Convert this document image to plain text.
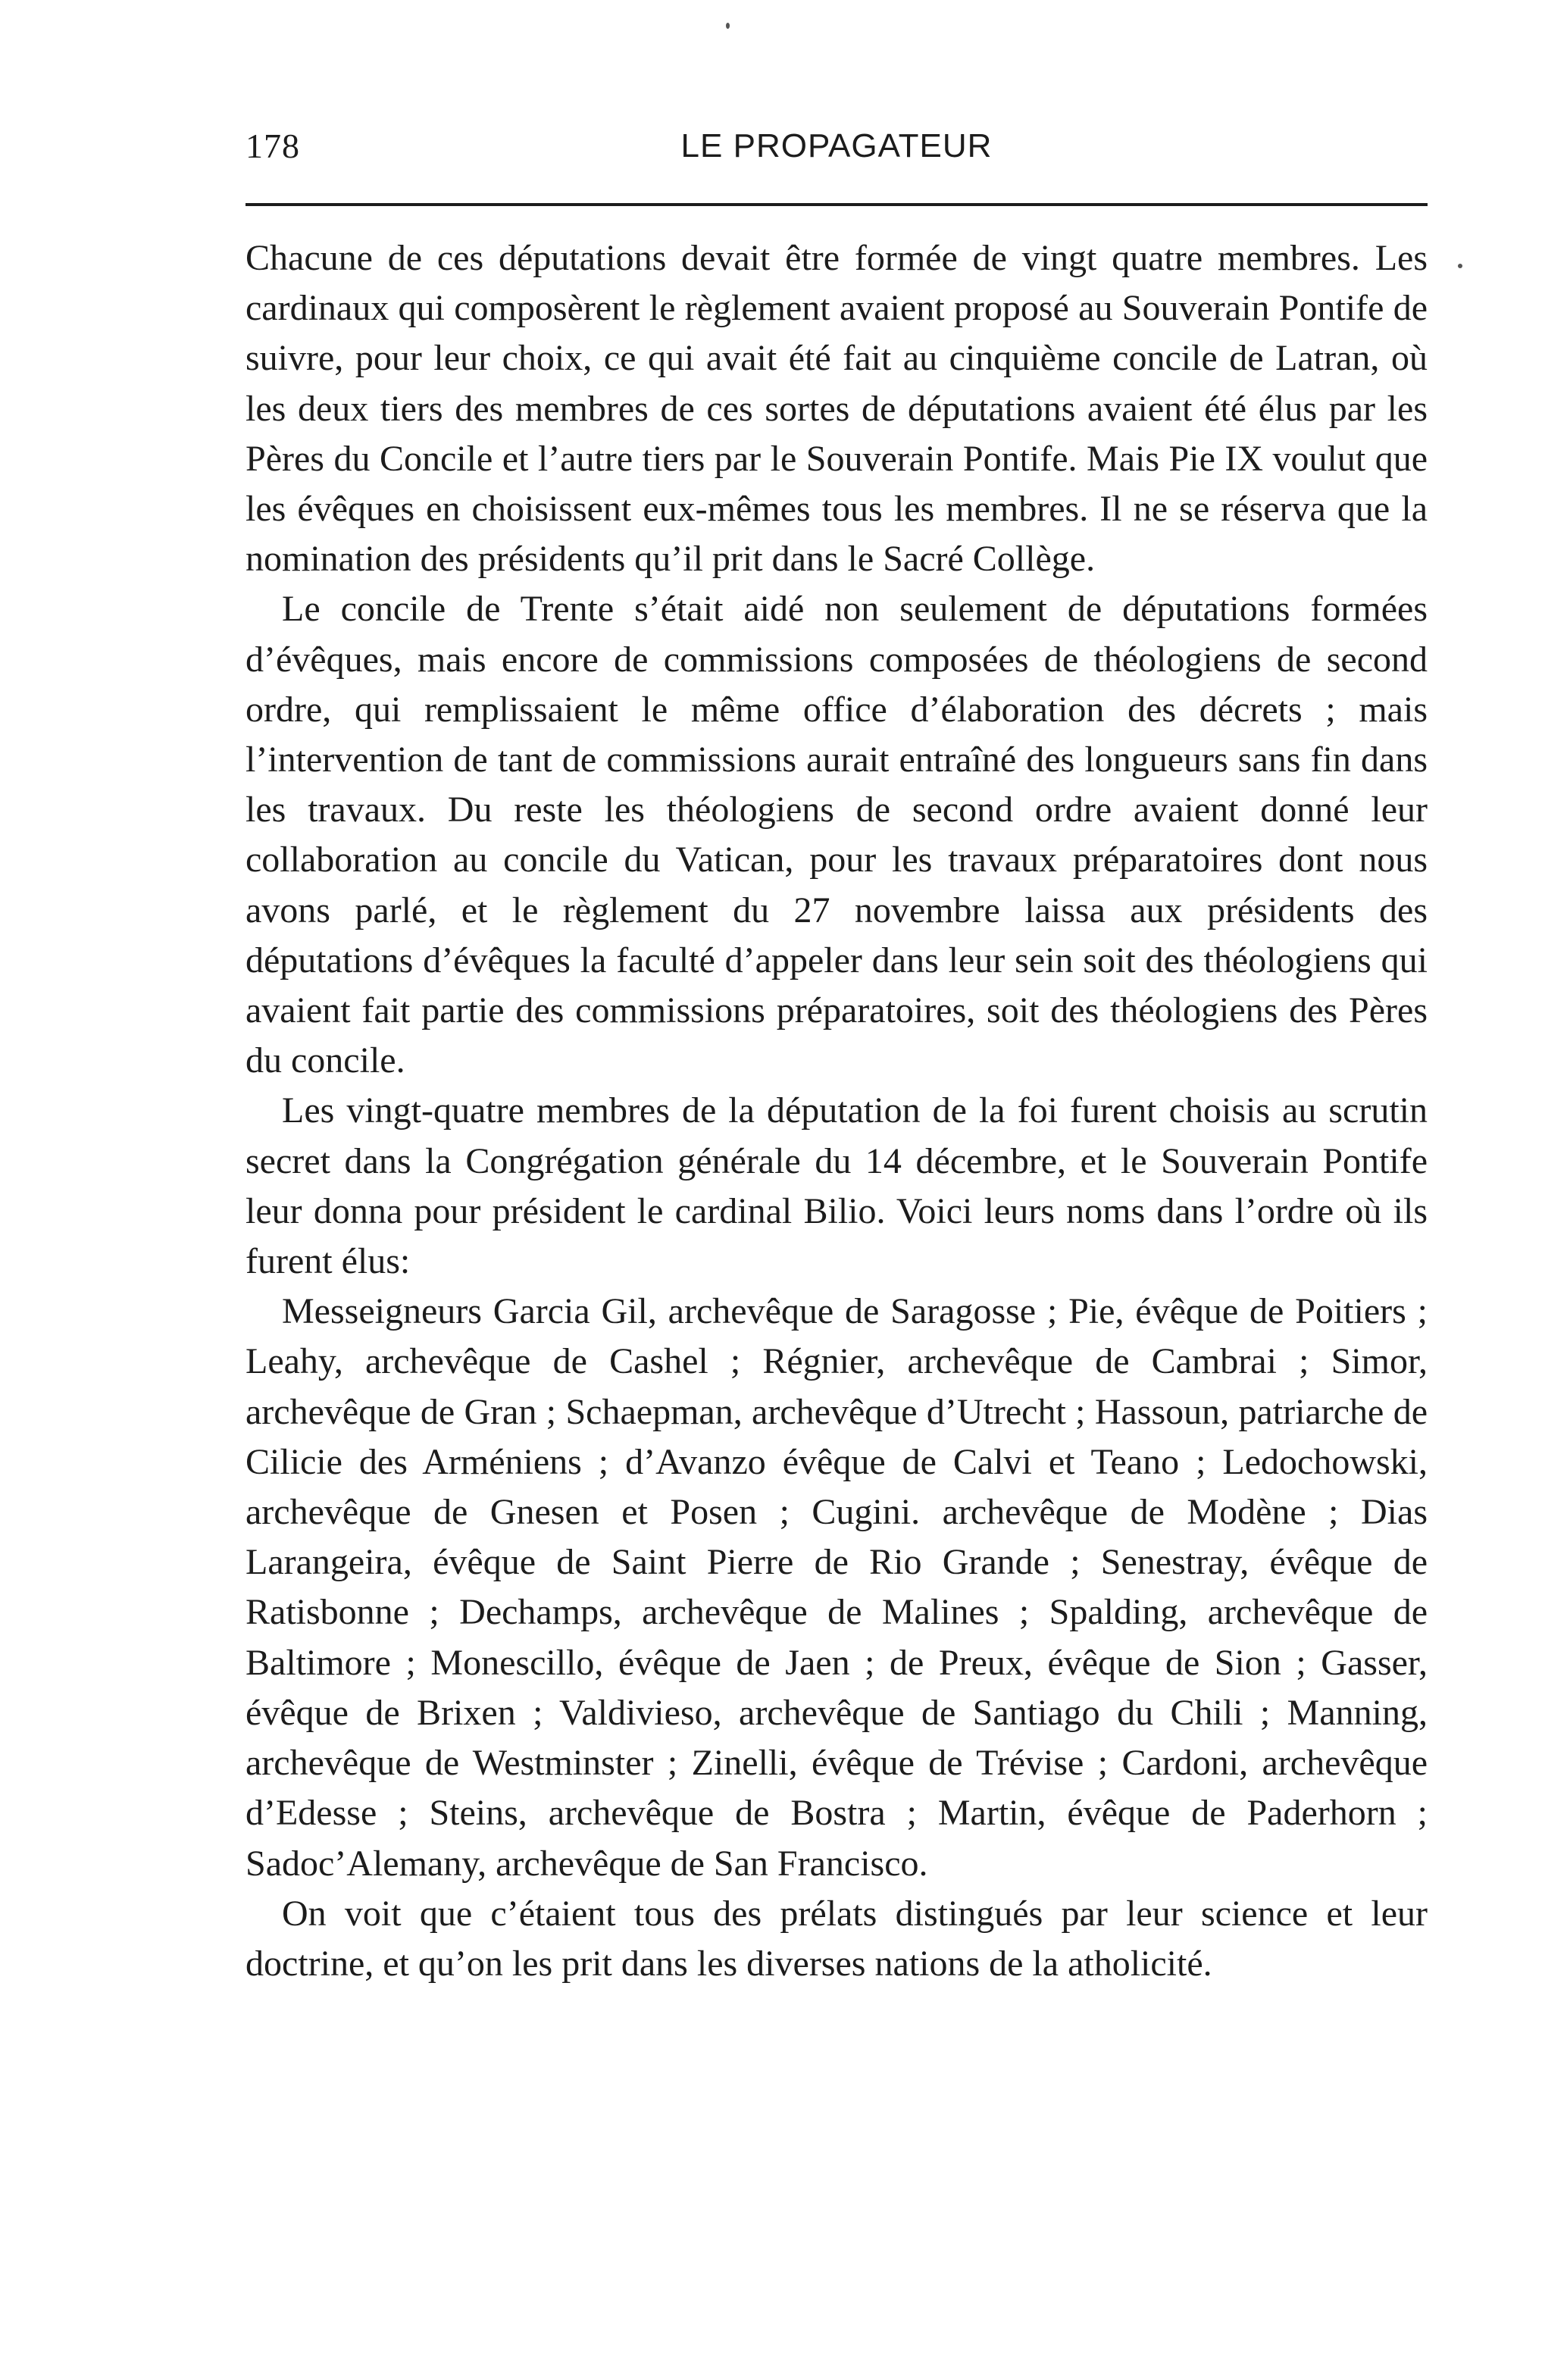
178	LE PROPAGATEUR

Chacune de ces députations devait être formée de vingt quatre membres. Les cardinaux qui composèrent le règlement avaient proposé au Souverain Pontife de suivre, pour leur choix, ce qui avait été fait au cinquième concile de Latran, où les deux tiers des membres de ces sortes de députations avaient été élus par les Pères du Concile et l’autre tiers par le Souverain Pontife. Mais Pie IX voulut que les évêques en choisissent eux-mêmes tous les membres. Il ne se réserva que la nomination des présidents qu’il prit dans le Sacré Collège.

Le concile de Trente s’était aidé non seulement de députations formées d’évêques, mais encore de commissions composées de théologiens de second ordre, qui remplissaient le même office d’élaboration des décrets ; mais l’intervention de tant de commissions aurait entraîné des longueurs sans fin dans les travaux. Du reste les théologiens de second ordre avaient donné leur collaboration au concile du Vatican, pour les travaux préparatoires dont nous avons parlé, et le règlement du 27 novembre laissa aux présidents des députations d’évêques la faculté d’appeler dans leur sein soit des théologiens qui avaient fait partie des commissions préparatoires, soit des théologiens des Pères du concile.

Les vingt-quatre membres de la députation de la foi furent choisis au scrutin secret dans la Congrégation générale du 14 décembre, et le Souverain Pontife leur donna pour président le cardinal Bilio. Voici leurs noms dans l’ordre où ils furent élus:

Messeigneurs Garcia Gil, archevêque de Saragosse ; Pie, évêque de Poitiers ; Leahy, archevêque de Cashel ; Régnier, archevêque de Cambrai ; Simor, archevêque de Gran ; Schaepman, archevêque d’Utrecht ; Hassoun, patriarche de Cilicie des Arméniens ; d’Avanzo évêque de Calvi et Teano ; Ledochowski, archevêque de Gnesen et Posen ; Cugini. archevêque de Modène ; Dias Larangeira, évêque de Saint Pierre de Rio Grande ; Senestray, évêque de Ratisbonne ; Dechamps, archevêque de Malines ; Spalding, archevêque de Baltimore ; Monescillo, évêque de Jaen ; de Preux, évêque de Sion ; Gasser, évêque de Brixen ; Valdivieso, archevêque de Santiago du Chili ; Manning, archevêque de Westminster ; Zinelli, évêque de Trévise ; Cardoni, archevêque d’Edesse ; Steins, archevêque de Bostra ; Martin, évêque de Paderhorn ; Sadoc’Alemany, archevêque de San Francisco.

On voit que c’étaient tous des prélats distingués par leur science et leur doctrine, et qu’on les prit dans les diverses nations de la atholicité.
